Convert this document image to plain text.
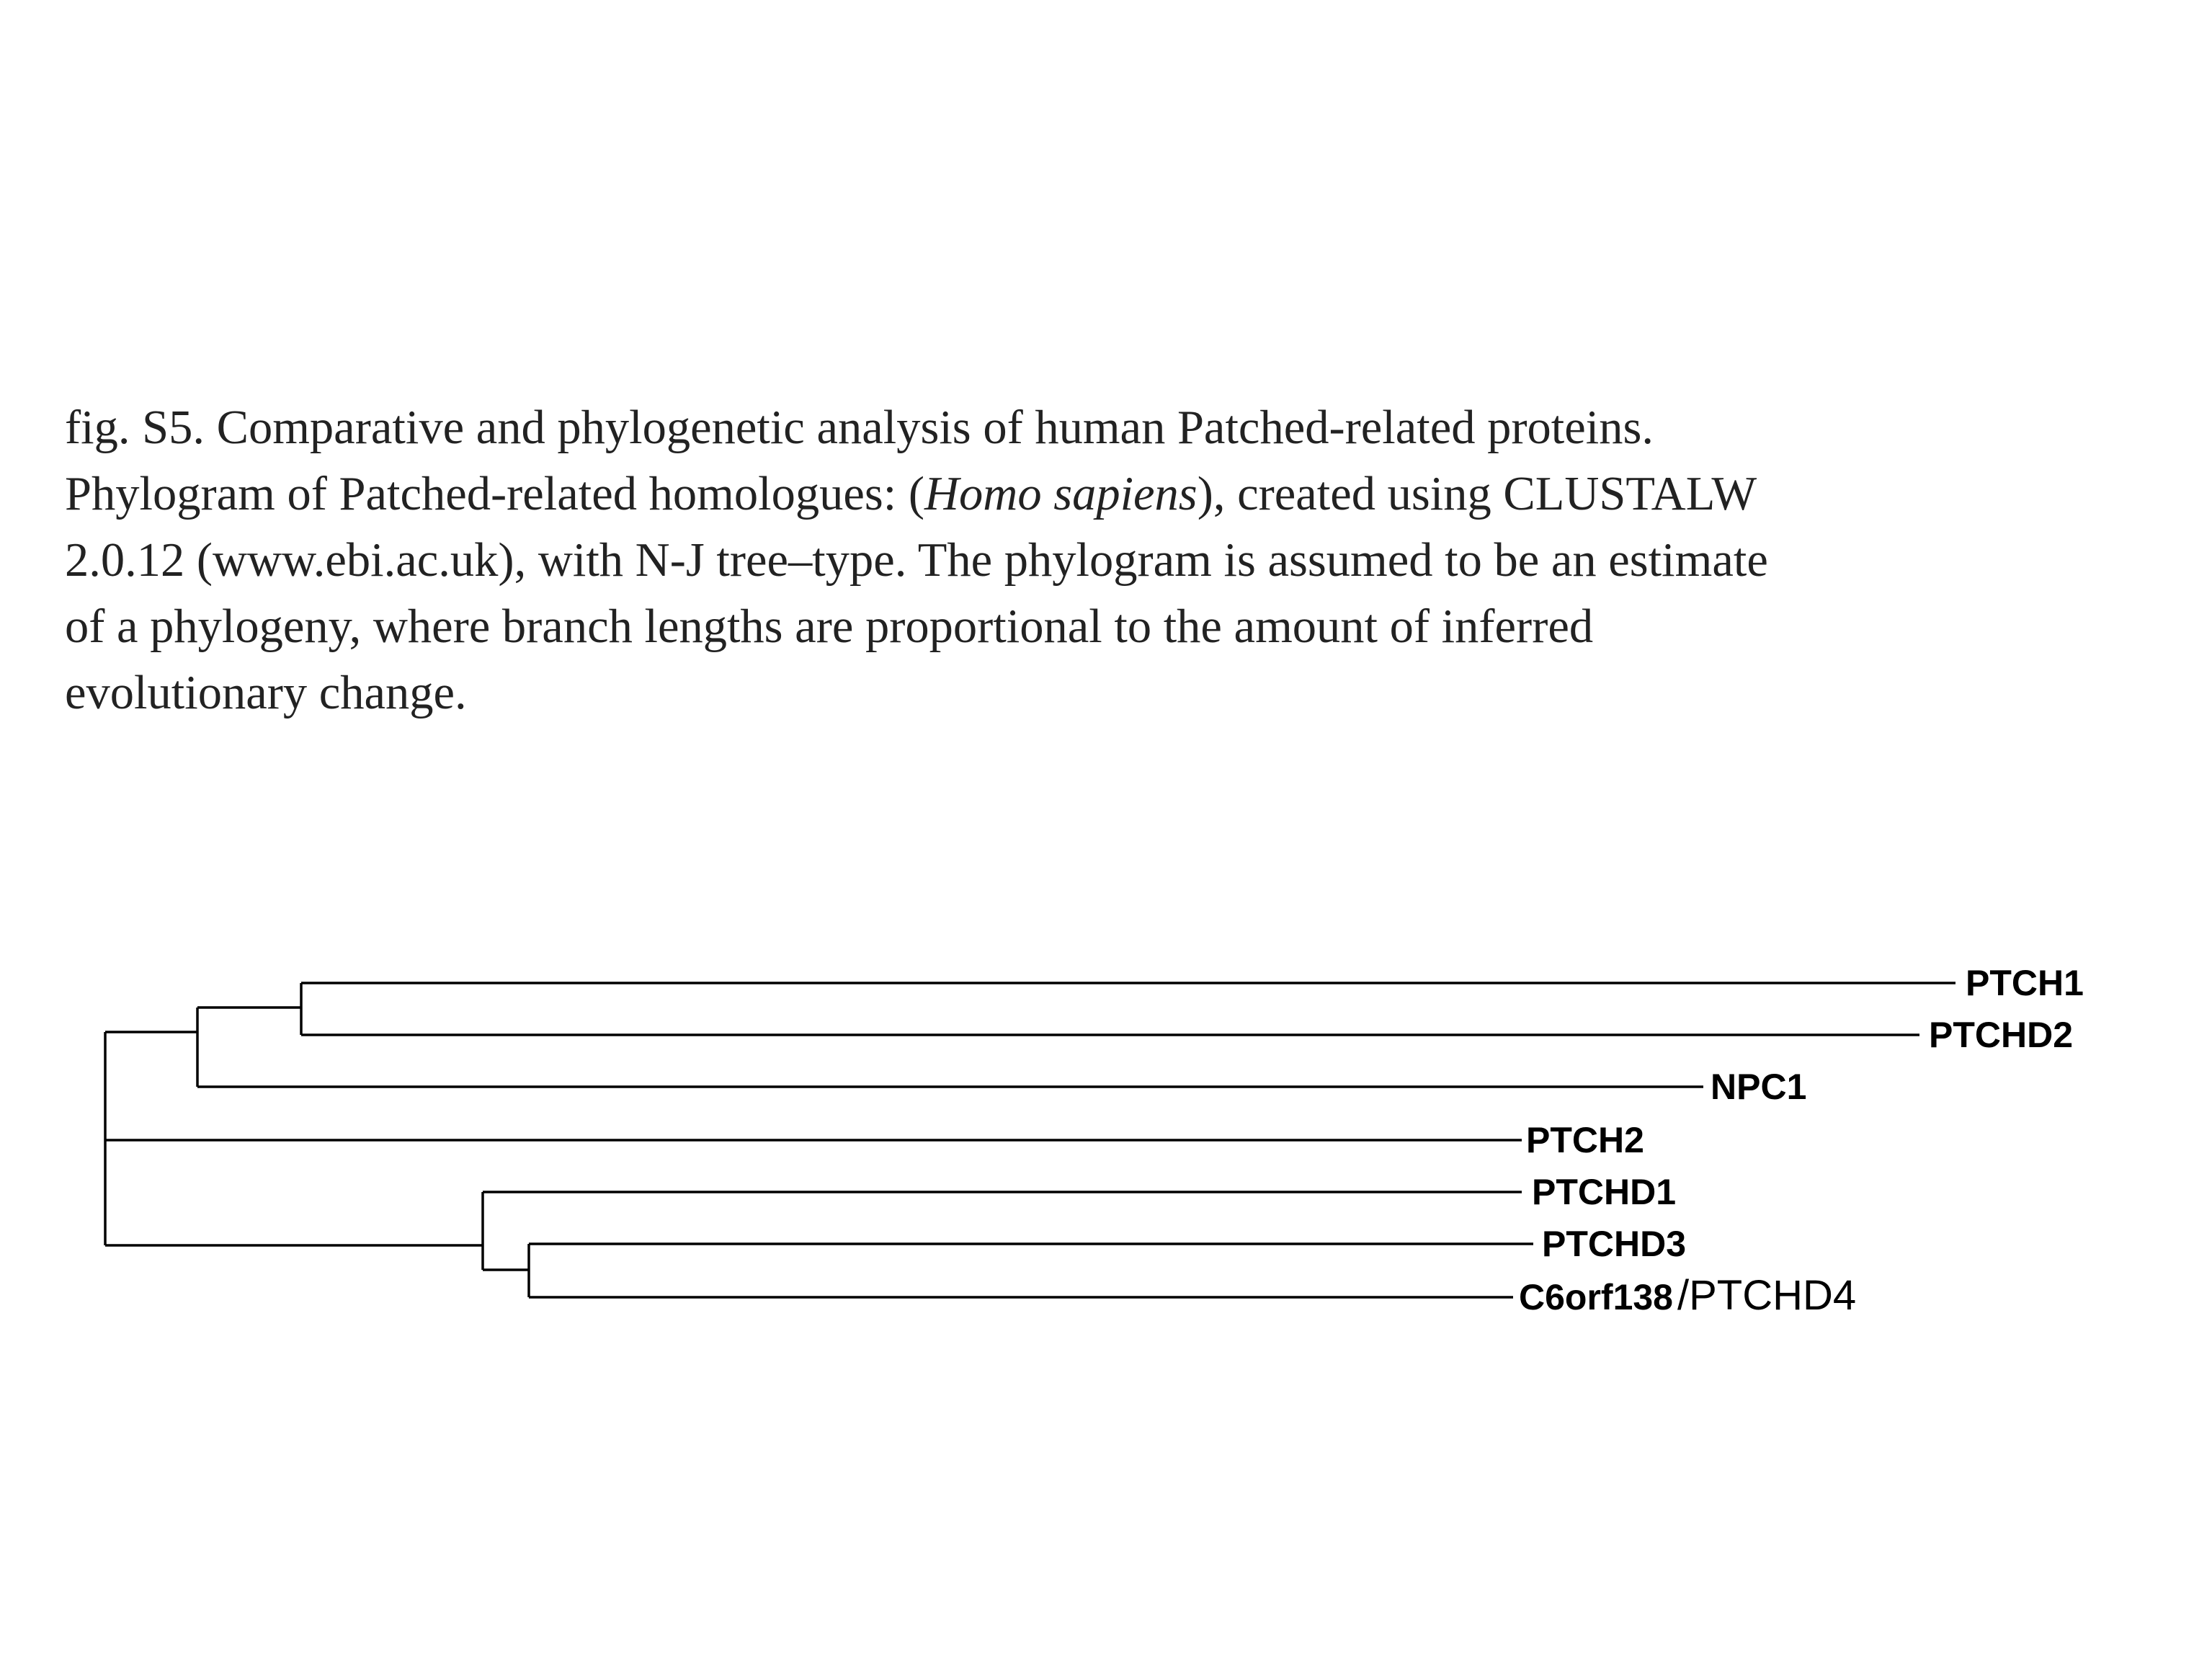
fig. S5. Comparative and phylogenetic analysis of human Patched-related proteins.
Phylogram of Patched-related homologues: (Homo sapiens), created using CLUSTALW
2.0.12 (www.ebi.ac.uk), with N-J tree–type. The phylogram is assumed to be an estimate
of a phylogeny, where branch lengths are proportional to the amount of inferred
evolutionary change.
PTCH1
PTCHD2
NPC1
PTCH2
PTCHD1
PTCHD3
C6orf138 /PTCHD4
